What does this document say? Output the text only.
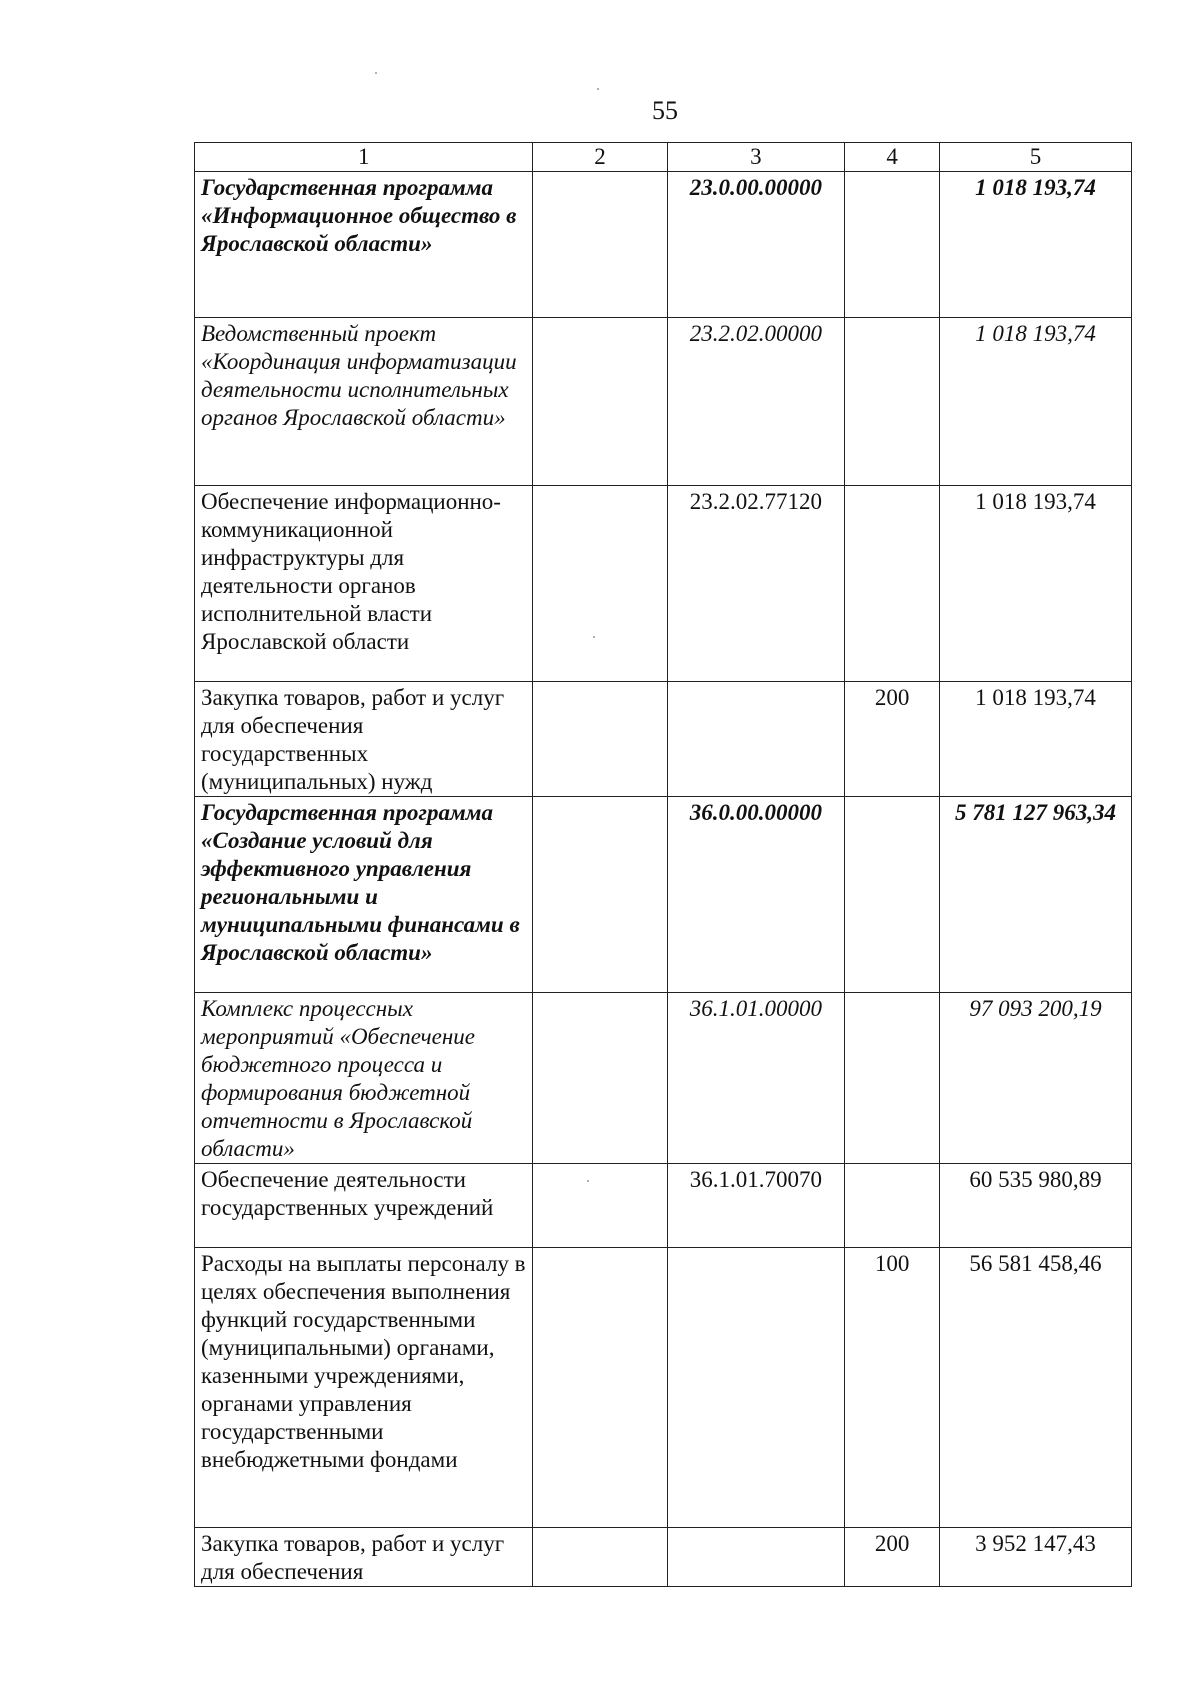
55
1	2	3	4	5
Государственная программа «Информационное общество в Ярославской области»		23.0.00.00000		1 018 193,74
Ведомственный проект «Координация информатизации деятельности исполнительных органов Ярославской области»		23.2.02.00000		1 018 193,74
Обеспечение информационно-коммуникационной инфраструктуры для деятельности органов исполнительной власти Ярославской области		23.2.02.77120		1 018 193,74
Закупка товаров, работ и услуг для обеспечения государственных (муниципальных) нужд			200	1 018 193,74
Государственная программа «Создание условий для эффективного управления региональными и муниципальными финансами в Ярославской области»		36.0.00.00000		5 781 127 963,34
Комплекс процессных мероприятий «Обеспечение бюджетного процесса и формирования бюджетной отчетности в Ярославской области»		36.1.01.00000		97 093 200,19
Обеспечение деятельности государственных учреждений		36.1.01.70070		60 535 980,89
Расходы на выплаты персоналу в целях обеспечения выполнения функций государственными (муниципальными) органами, казенными учреждениями, органами управления государственными внебюджетными фондами			100	56 581 458,46
Закупка товаров, работ и услуг для обеспечения			200	3 952 147,43
